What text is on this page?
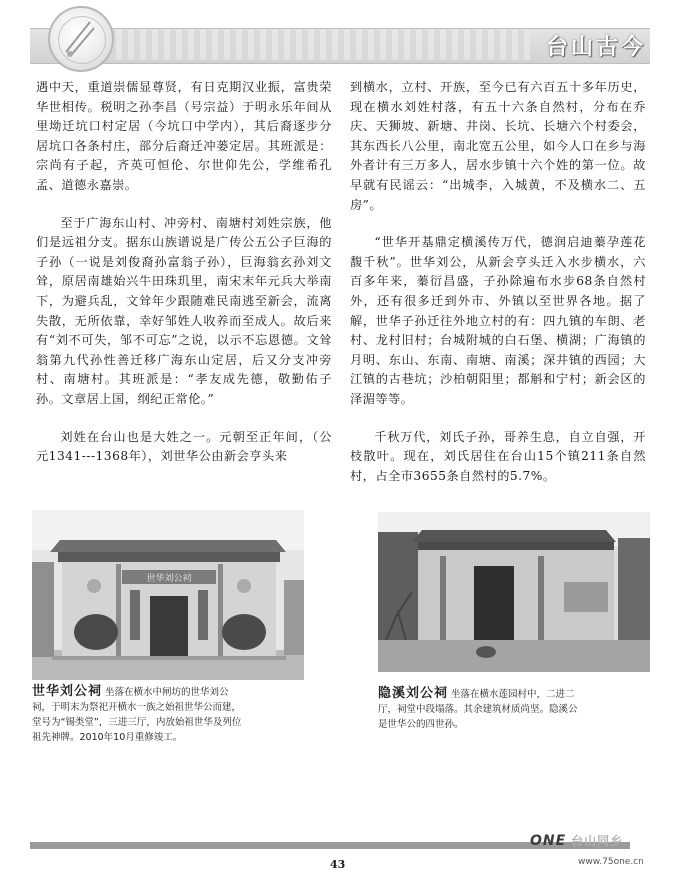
台山古今

遇中天，重道崇儒显尊贤，有日克期汉业振，富贵荣华世相传。税明之孙李昌（号宗益）于明永乐年间从里坳迁坑口村定居（今坑口中学内），其后裔逐步分居坑口各条村庄，部分后裔迁冲蒌定居。其班派是：宗尚有子起，齐英可恒伦、尔世仰先公，学维希孔孟、道德永嘉崇。

至于广海东山村、冲旁村、南塘村刘姓宗族，他们是远祖分支。据东山族谱说是广传公五公子巨海的子孙（一说是刘俊裔孙富翁子孙），巨海翁玄孙刘文耸，原居南雄始兴牛田珠玑里，南宋末年元兵大举南下，为避兵乱，文耸年少跟随难民南逃至新会，流离失散，无所依靠，幸好邹姓人收养而至成人。故后来有“刘不可失，邹不可忘”之说，以示不忘恩德。文耸翁第九代孙性善迁移广海东山定居，后又分支冲旁村、南塘村。其班派是：“孝友成先德，敬勤佑子孙。文章居上国，纲纪正常伦。”

刘姓在台山也是大姓之一。元朝至正年间，（公元1341---1368年），刘世华公由新会亨头来

到横水，立村、开族，至今已有六百五十多年历史，现在横水刘姓村落，有五十六条自然村，分布在乔庆、天狮坡、新塘、井岗、长坑、长塘六个村委会，其东西长八公里，南北宽五公里，如今人口在乡与海外者计有三万多人，居水步镇十六个姓的第一位。故早就有民谣云：“出城李，入城黄，不及横水二、五房”。

“世华开基鼎定横溪传万代，德润启迪蓁孕莲花馥千秋”。世华刘公，从新会亨头迁入水步横水，六百多年来，蓁衍昌盛，子孙除遍布水步68条自然村外，还有很多迁到外市、外镇以至世界各地。据了解，世华子孙迁往外地立村的有：四九镇的车朗、老村、龙村旧村；台城附城的白石堡、横湖；广海镇的月明、东山、东南、南塘、南溪；深井镇的西园；大江镇的古巷坑；沙柏朝阳里；都斛和宁村；新会区的泽湄等等。

千秋万代，刘氏子孙，哥养生息，自立自强，开枝散叶。现在，刘氏居住在台山15个镇211条自然村，占全市3655条自然村的5.7%。

世华刘公祠
世华刘公祠 坐落在横水中闸坊的世华刘公祠，于明末为祭祀开横水一族之始祖世华公而建，堂号为“锡类堂”，三进三厅，内放始祖世华及列位祖先神牌。2010年10月重修竣工。
隐溪刘公祠 坐落在横水莲园村中，二进二厅，祠堂中段塌落。其余建筑材质尚坚。隐溪公是世华公的四世孙。
43
ONE 台山同乡
www.75one.cn
